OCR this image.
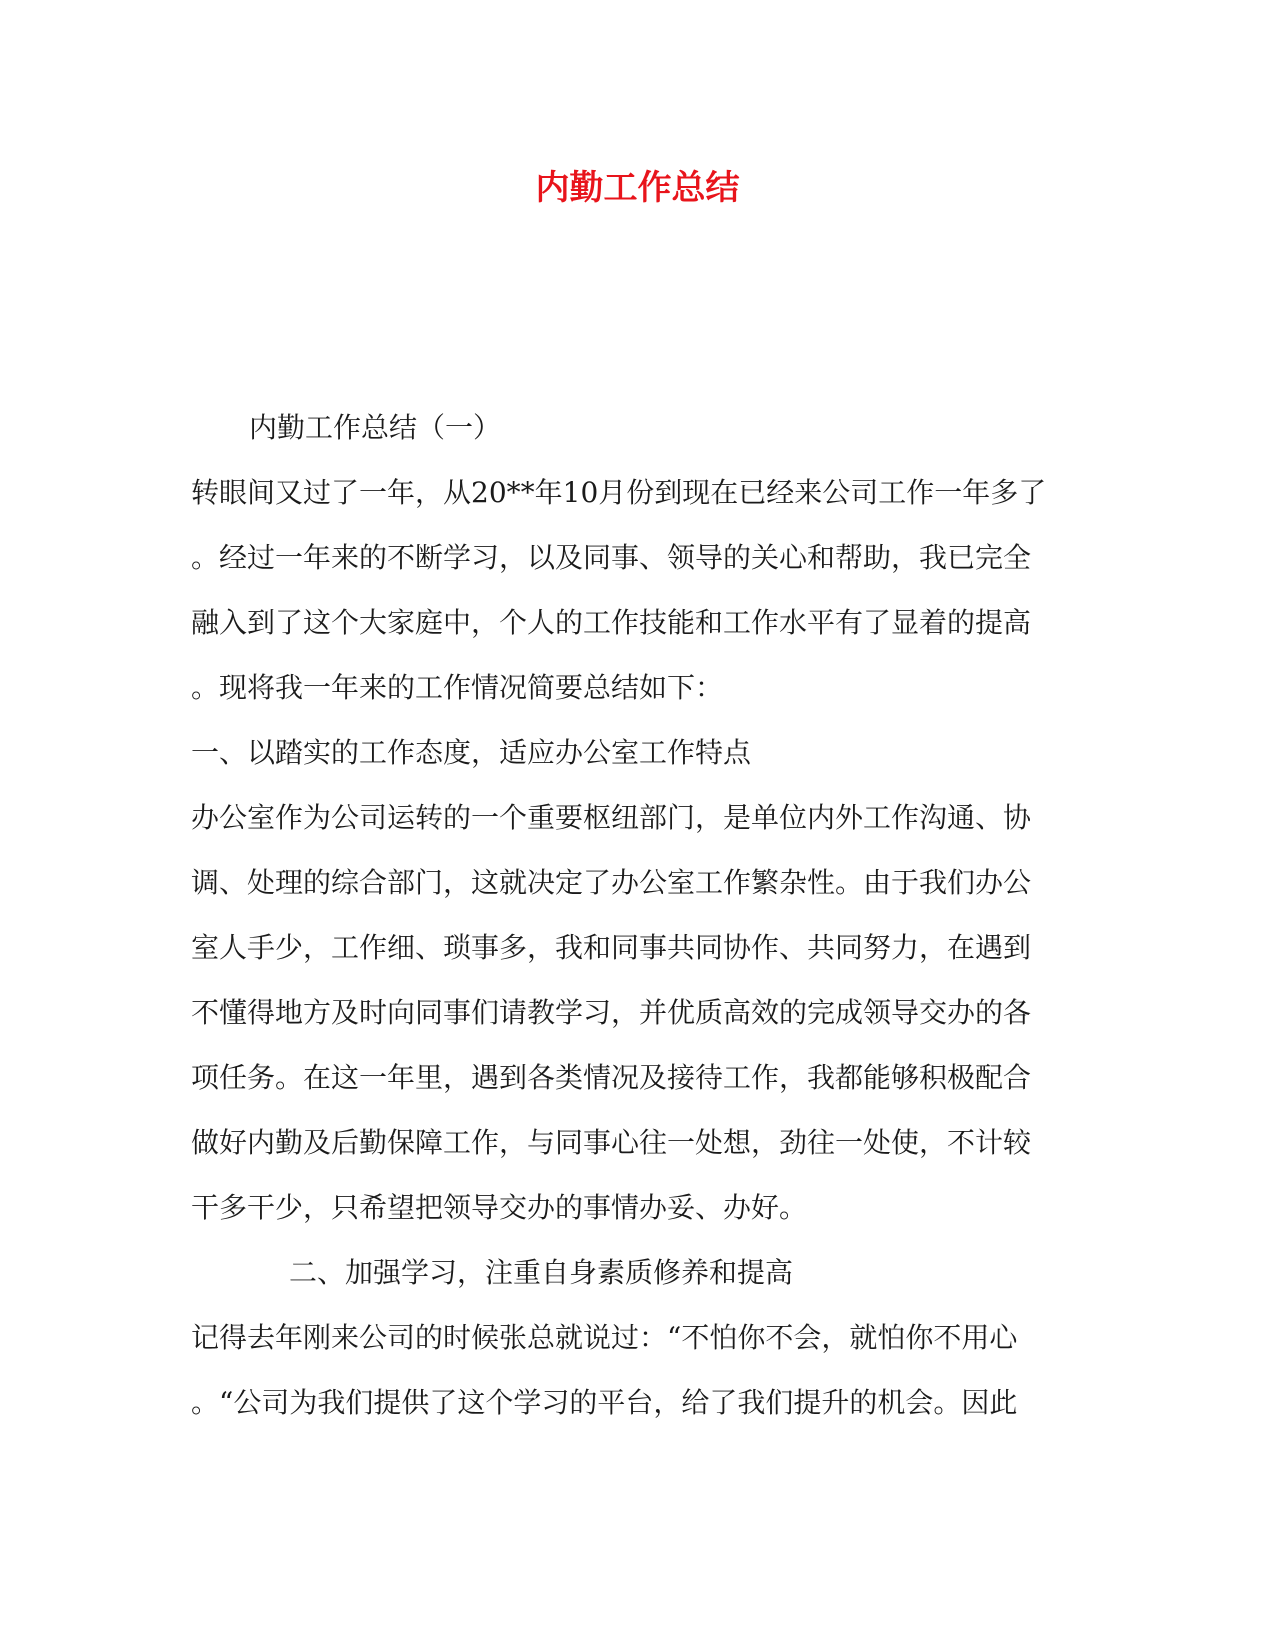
内勤工作总结
内勤工作总结（一）
转眼间又过了一年，从20**年10月份到现在已经来公司工作一年多了
。经过一年来的不断学习，以及同事、领导的关心和帮助，我已完全
融入到了这个大家庭中，个人的工作技能和工作水平有了显着的提高
。现将我一年来的工作情况简要总结如下：
一、以踏实的工作态度，适应办公室工作特点
办公室作为公司运转的一个重要枢纽部门，是单位内外工作沟通、协
调、处理的综合部门，这就决定了办公室工作繁杂性。由于我们办公
室人手少，工作细、琐事多，我和同事共同协作、共同努力，在遇到
不懂得地方及时向同事们请教学习，并优质高效的完成领导交办的各
项任务。在这一年里，遇到各类情况及接待工作，我都能够积极配合
做好内勤及后勤保障工作，与同事心往一处想，劲往一处使，不计较
干多干少，只希望把领导交办的事情办妥、办好。
二、加强学习，注重自身素质修养和提高
记得去年刚来公司的时候张总就说过：“不怕你不会，就怕你不用心
。“公司为我们提供了这个学习的平台，给了我们提升的机会。因此
